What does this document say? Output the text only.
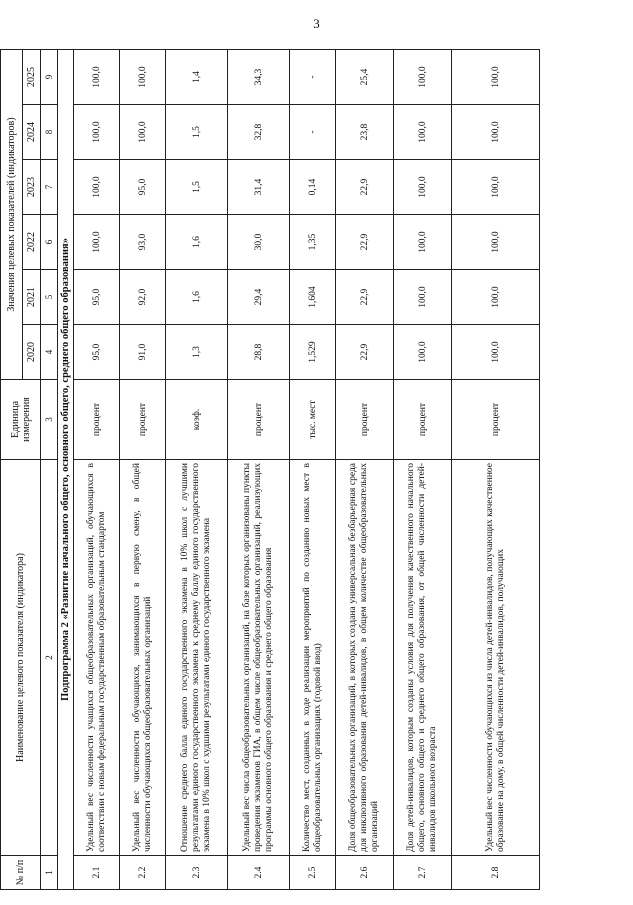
3
№ п/п	Наименование целевого показателя (индикатора)	Единица измерения	Значения целевых показателей (индикаторов)					
			2020	2021	2022	2023	2024	2025
1	2	3	4	5	6	7	8	9
Подпрограмма 2 «Развитие начального общего, основного общего, среднего общего образования»								
2.1	Удельный вес численности учащихся общеобразовательных организаций, обучающихся в соответствии с новым федеральным государственным образовательным стандартом	процент	95,0	95,0	100,0	100,0	100,0	100,0
2.2	Удельный вес численности обучающихся, занимающихся в первую смену, в общей численности обучающихся общеобразовательных организаций	процент	91,0	92,0	93,0	95,0	100,0	100,0
2.3	Отношение среднего балла единого государственного экзамена в 10% школ с лучшими результатами единого государственного экзамена к среднему баллу единого государственного экзамена в 10% школ с худшими результатами единого государственного экзамена	коэф.	1,3	1,6	1,6	1,5	1,5	1,4
2.4	Удельный вес числа общеобразовательных организаций, на базе которых организованы пункты проведения экзаменов ГИА, в общем числе общеобразовательных организаций, реализующих программы основного общего образования и среднего общего образования	процент	28,8	29,4	30,0	31,4	32,8	34,3
2.5	Количество мест, созданных в ходе реализации мероприятий по созданию новых мест в общеобразовательных организациях (годовой ввод)	тыс. мест	1,529	1,604	1,35	0,14	-	-
2.6	Доля общеобразовательных организаций, в которых создана универсальная безбарьерная среда для инклюзивного образования детей-инвалидов, в общем количестве общеобразовательных организаций	процент	22,9	22,9	22,9	22,9	23,8	25,4
2.7	Доля детей-инвалидов, которым созданы условия для получения качественного начального общего, основного общего и среднего общего образования, от общей численности детей-инвалидов школьного возраста	процент	100,0	100,0	100,0	100,0	100,0	100,0
2.8	Удельный вес численности обучающихся из числа детей-инвалидов, получающих качественное образование на дому, в общей численности детей-инвалидов, получающих	процент	100,0	100,0	100,0	100,0	100,0	100,0
